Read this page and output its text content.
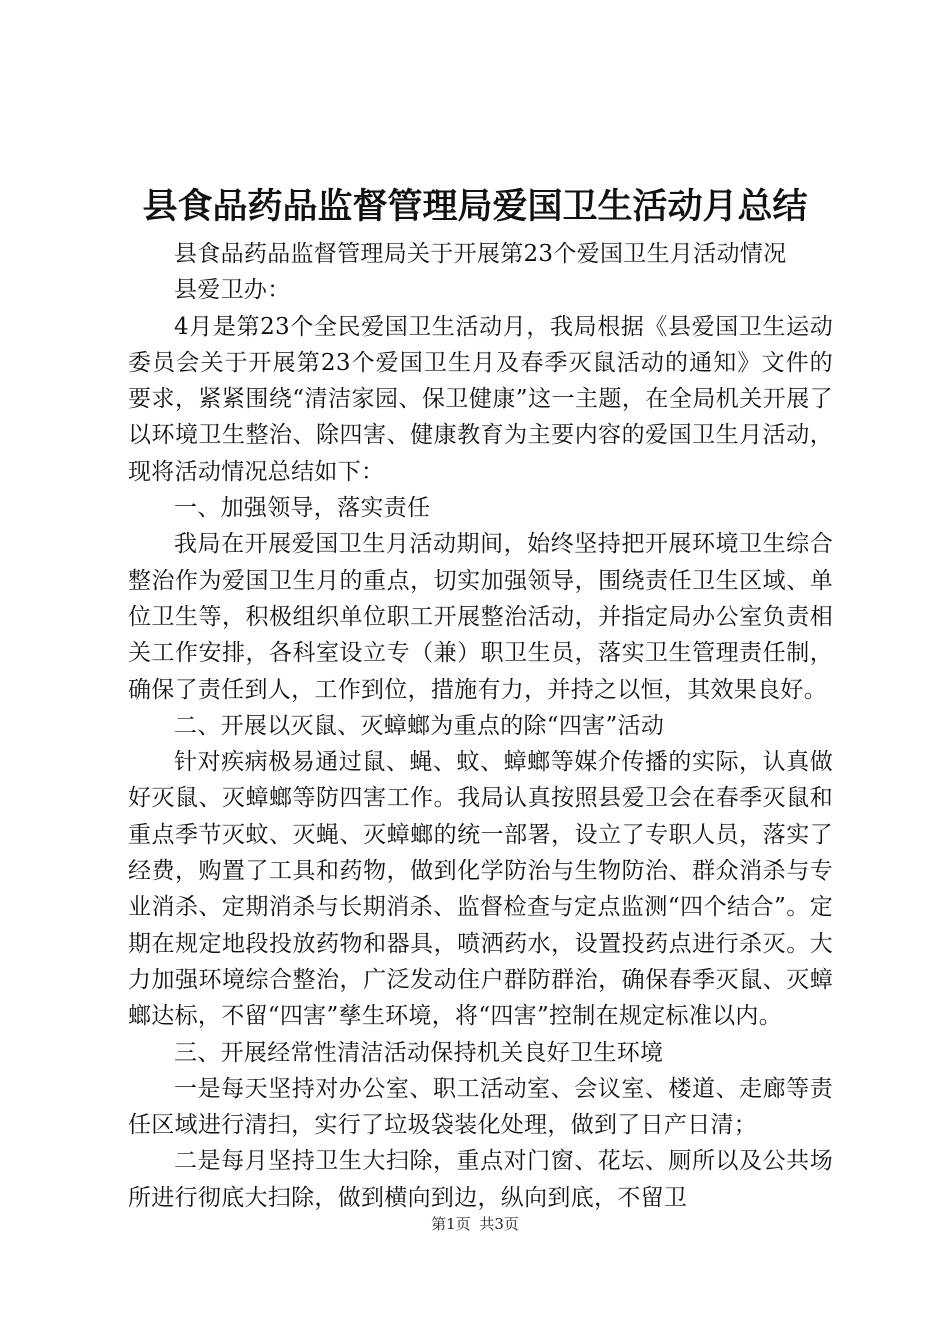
县食品药品监督管理局爱国卫生活动月总结

县食品药品监督管理局关于开展第23个爱国卫生月活动情况

县爱卫办：

4月是第23个全民爱国卫生活动月，我局根据《县爱国卫生运动委员会关于开展第23个爱国卫生月及春季灭鼠活动的通知》文件的要求，紧紧围绕“清洁家园、保卫健康”这一主题，在全局机关开展了以环境卫生整治、除四害、健康教育为主要内容的爱国卫生月活动，现将活动情况总结如下：

一、加强领导，落实责任

我局在开展爱国卫生月活动期间，始终坚持把开展环境卫生综合整治作为爱国卫生月的重点，切实加强领导，围绕责任卫生区域、单位卫生等，积极组织单位职工开展整治活动，并指定局办公室负责相关工作安排，各科室设立专（兼）职卫生员，落实卫生管理责任制，确保了责任到人，工作到位，措施有力，并持之以恒，其效果良好。

二、开展以灭鼠、灭蟑螂为重点的除“四害”活动

针对疾病极易通过鼠、蝇、蚊、蟑螂等媒介传播的实际，认真做好灭鼠、灭蟑螂等防四害工作。我局认真按照县爱卫会在春季灭鼠和重点季节灭蚊、灭蝇、灭蟑螂的统一部署，设立了专职人员，落实了经费，购置了工具和药物，做到化学防治与生物防治、群众消杀与专业消杀、定期消杀与长期消杀、监督检查与定点监测“四个结合”。定期在规定地段投放药物和器具，喷洒药水，设置投药点进行杀灭。大力加强环境综合整治，广泛发动住户群防群治，确保春季灭鼠、灭蟑螂达标，不留“四害”孳生环境，将“四害”控制在规定标准以内。

三、开展经常性清洁活动保持机关良好卫生环境

一是每天坚持对办公室、职工活动室、会议室、楼道、走廊等责任区域进行清扫，实行了垃圾袋装化处理，做到了日产日清；

二是每月坚持卫生大扫除，重点对门窗、花坛、厕所以及公共场所进行彻底大扫除，做到横向到边，纵向到底，不留卫

第1页 共3页
